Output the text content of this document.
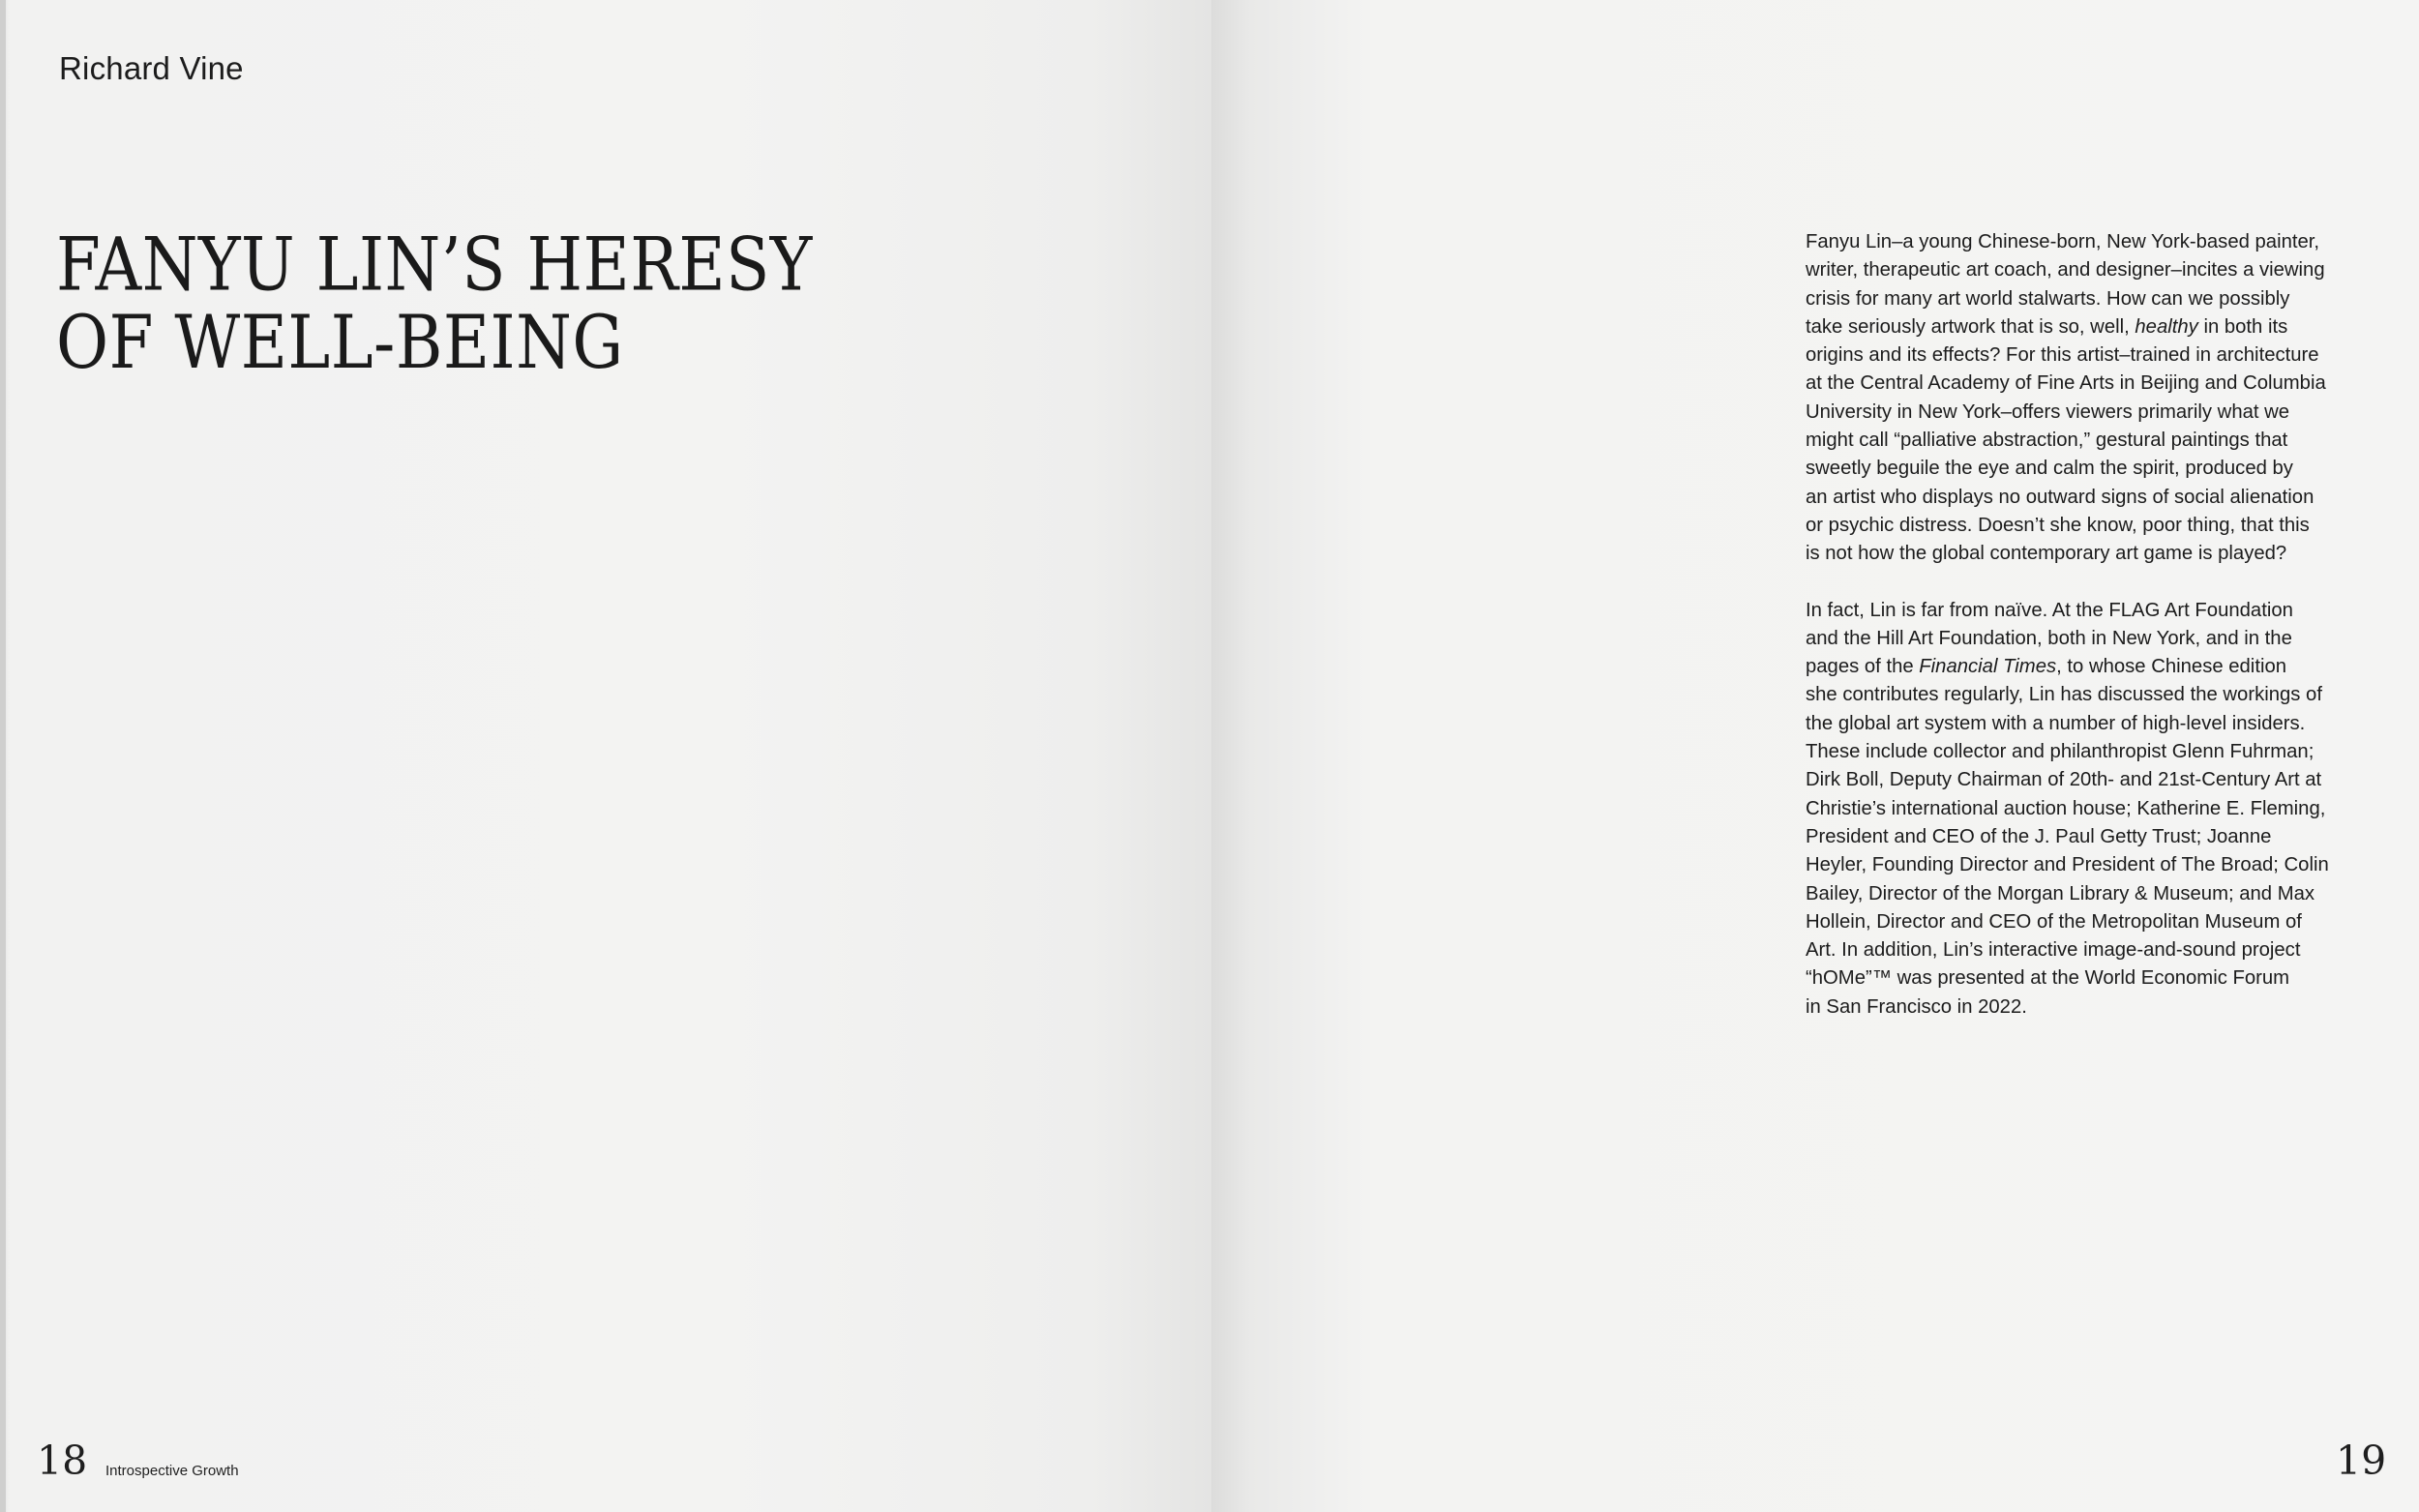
Richard Vine
FANYU LIN’S HERESY
OF WELL-BEING

18 Introspective Growth

Fanyu Lin–a young Chinese-born, New York-based painter,
writer, therapeutic art coach, and designer–incites a viewing
crisis for many art world stalwarts. How can we possibly
take seriously artwork that is so, well, healthy in both its
origins and its effects? For this artist–trained in architecture
at the Central Academy of Fine Arts in Beijing and Columbia
University in New York–offers viewers primarily what we
might call “palliative abstraction,” gestural paintings that
sweetly beguile the eye and calm the spirit, produced by
an artist who displays no outward signs of social alienation
or psychic distress. Doesn’t she know, poor thing, that this
is not how the global contemporary art game is played?

In fact, Lin is far from naïve. At the FLAG Art Foundation
and the Hill Art Foundation, both in New York, and in the
pages of the Financial Times, to whose Chinese edition
she contributes regularly, Lin has discussed the workings of
the global art system with a number of high-level insiders.
These include collector and philanthropist Glenn Fuhrman;
Dirk Boll, Deputy Chairman of 20th- and 21st-Century Art at
Christie’s international auction house; Katherine E. Fleming,
President and CEO of the J. Paul Getty Trust; Joanne
Heyler, Founding Director and President of The Broad; Colin
Bailey, Director of the Morgan Library & Museum; and Max
Hollein, Director and CEO of the Metropolitan Museum of
Art. In addition, Lin’s interactive image-and-sound project
“hOMe”™ was presented at the World Economic Forum
in San Francisco in 2022.

19
